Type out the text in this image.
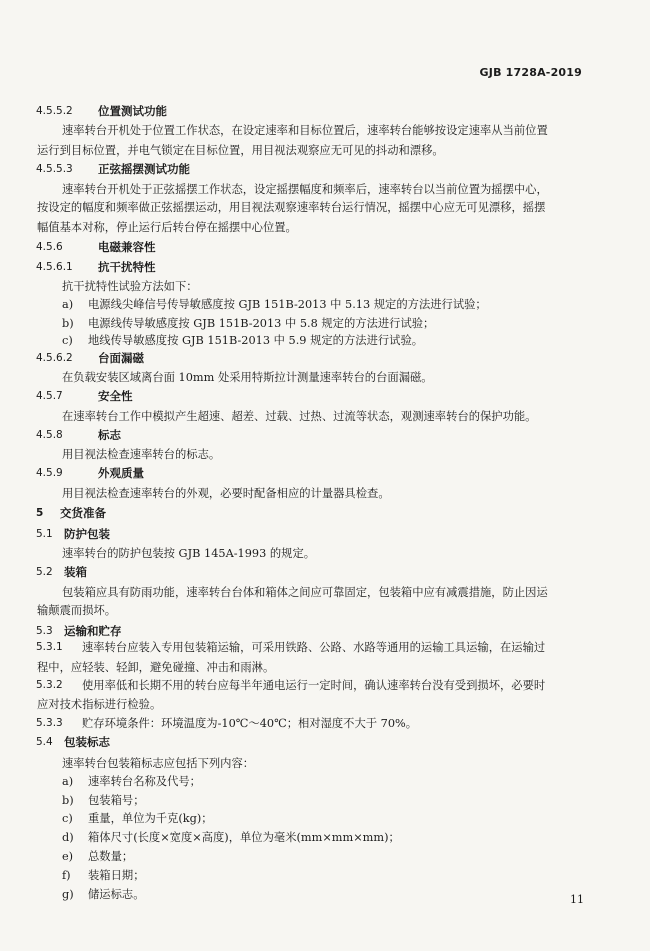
GJB 1728A-2019
4.5.5.2 位置测试功能
速率转台开机处于位置工作状态，在设定速率和目标位置后，速率转台能够按设定速率从当前位置
运行到目标位置，并电气锁定在目标位置，用目视法观察应无可见的抖动和漂移。
4.5.5.3 正弦摇摆测试功能
速率转台开机处于正弦摇摆工作状态，设定摇摆幅度和频率后，速率转台以当前位置为摇摆中心，
按设定的幅度和频率做正弦摇摆运动，用目视法观察速率转台运行情况，摇摆中心应无可见漂移，摇摆
幅值基本对称，停止运行后转台停在摇摆中心位置。
4.5.6	电磁兼容性
4.5.6.1 抗干扰特性
抗干扰特性试验方法如下：
a) 电源线尖峰信号传导敏感度按 GJB 151B-2013 中 5.13 规定的方法进行试验；
b) 电源线传导敏感度按 GJB 151B-2013 中 5.8 规定的方法进行试验；
c) 地线传导敏感度按 GJB 151B-2013 中 5.9 规定的方法进行试验。
4.5.6.2 台面漏磁
在负载安装区域离台面 10mm 处采用特斯拉计测量速率转台的台面漏磁。
4.5.7	安全性
在速率转台工作中模拟产生超速、超差、过载、过热、过流等状态，观测速率转台的保护功能。
4.5.8	标志
用目视法检查速率转台的标志。
4.5.9	外观质量
用目视法检查速率转台的外观，必要时配备相应的计量器具检查。
5 交货准备
5.1 防护包装
速率转台的防护包装按 GJB 145A-1993 的规定。
5.2 装箱
包装箱应具有防雨功能，速率转台台体和箱体之间应可靠固定，包装箱中应有减震措施，防止因运
输颠震而损坏。
5.3 运输和贮存
5.3.1 速率转台应装入专用包装箱运输，可采用铁路、公路、水路等通用的运输工具运输，在运输过
程中，应轻装、轻卸，避免碰撞、冲击和雨淋。
5.3.2 使用率低和长期不用的转台应每半年通电运行一定时间，确认速率转台没有受到损坏，必要时
应对技术指标进行检验。
5.3.3 贮存环境条件：环境温度为-10℃～40℃；相对湿度不大于 70%。
5.4 包装标志
速率转台包装箱标志应包括下列内容：
a) 速率转台名称及代号；
b) 包装箱号；
c) 重量，单位为千克(kg)；
d) 箱体尺寸(长度×宽度×高度)，单位为毫米(mm×mm×mm)；
e) 总数量；
f) 装箱日期；
g) 储运标志。	11
